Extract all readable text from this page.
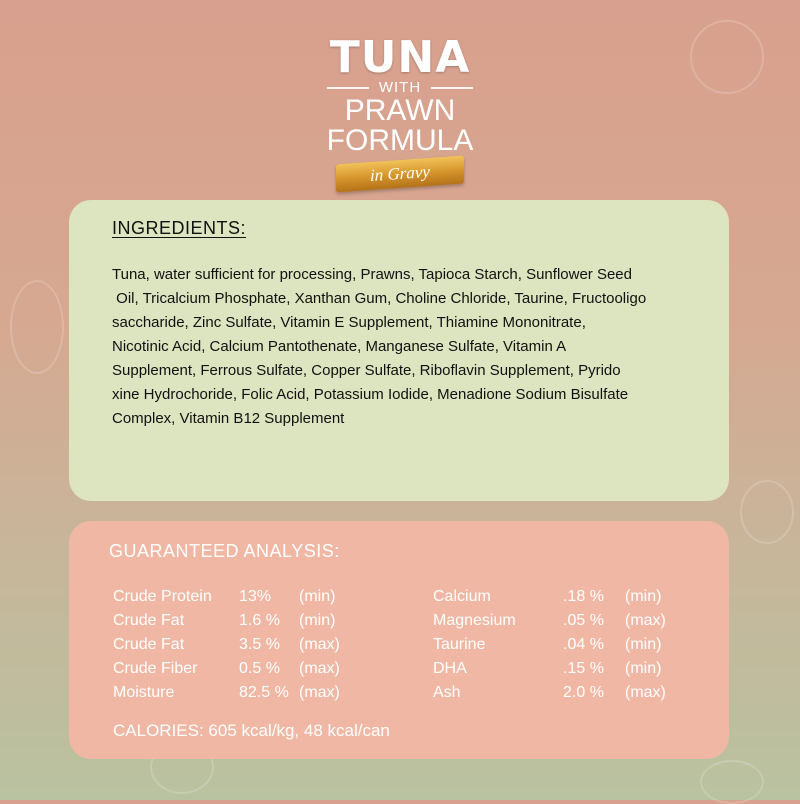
TUNA
WITH
PRAWN
FORMULA
in Gravy
INGREDIENTS:
Tuna, water sufficient for processing, Prawns, Tapioca Starch, Sunflower Seed
Oil, Tricalcium Phosphate, Xanthan Gum, Choline Chloride, Taurine, Fructooligo
saccharide, Zinc Sulfate, Vitamin E Supplement, Thiamine Mononitrate,
Nicotinic Acid, Calcium Pantothenate, Manganese Sulfate, Vitamin A
Supplement, Ferrous Sulfate, Copper Sulfate, Riboflavin Supplement, Pyrido
xine Hydrochoride, Folic Acid, Potassium Iodide, Menadione Sodium Bisulfate
Complex, Vitamin B12 Supplement
GUARANTEED ANALYSIS:
Crude Protein 13% (min)
Crude Fat	1.6 % (min)
Crude Fat	3.5 % (max)
Crude Fiber	0.5 % (max)
Moisture	82.5 % (max)
Calcium	.18 % (min)
Magnesium	.05 % (max)
Taurine	.04 % (min)
DHA	.15 % (min)
Ash	2.0 % (max)
CALORIES: 605 kcal/kg, 48 kcal/can
